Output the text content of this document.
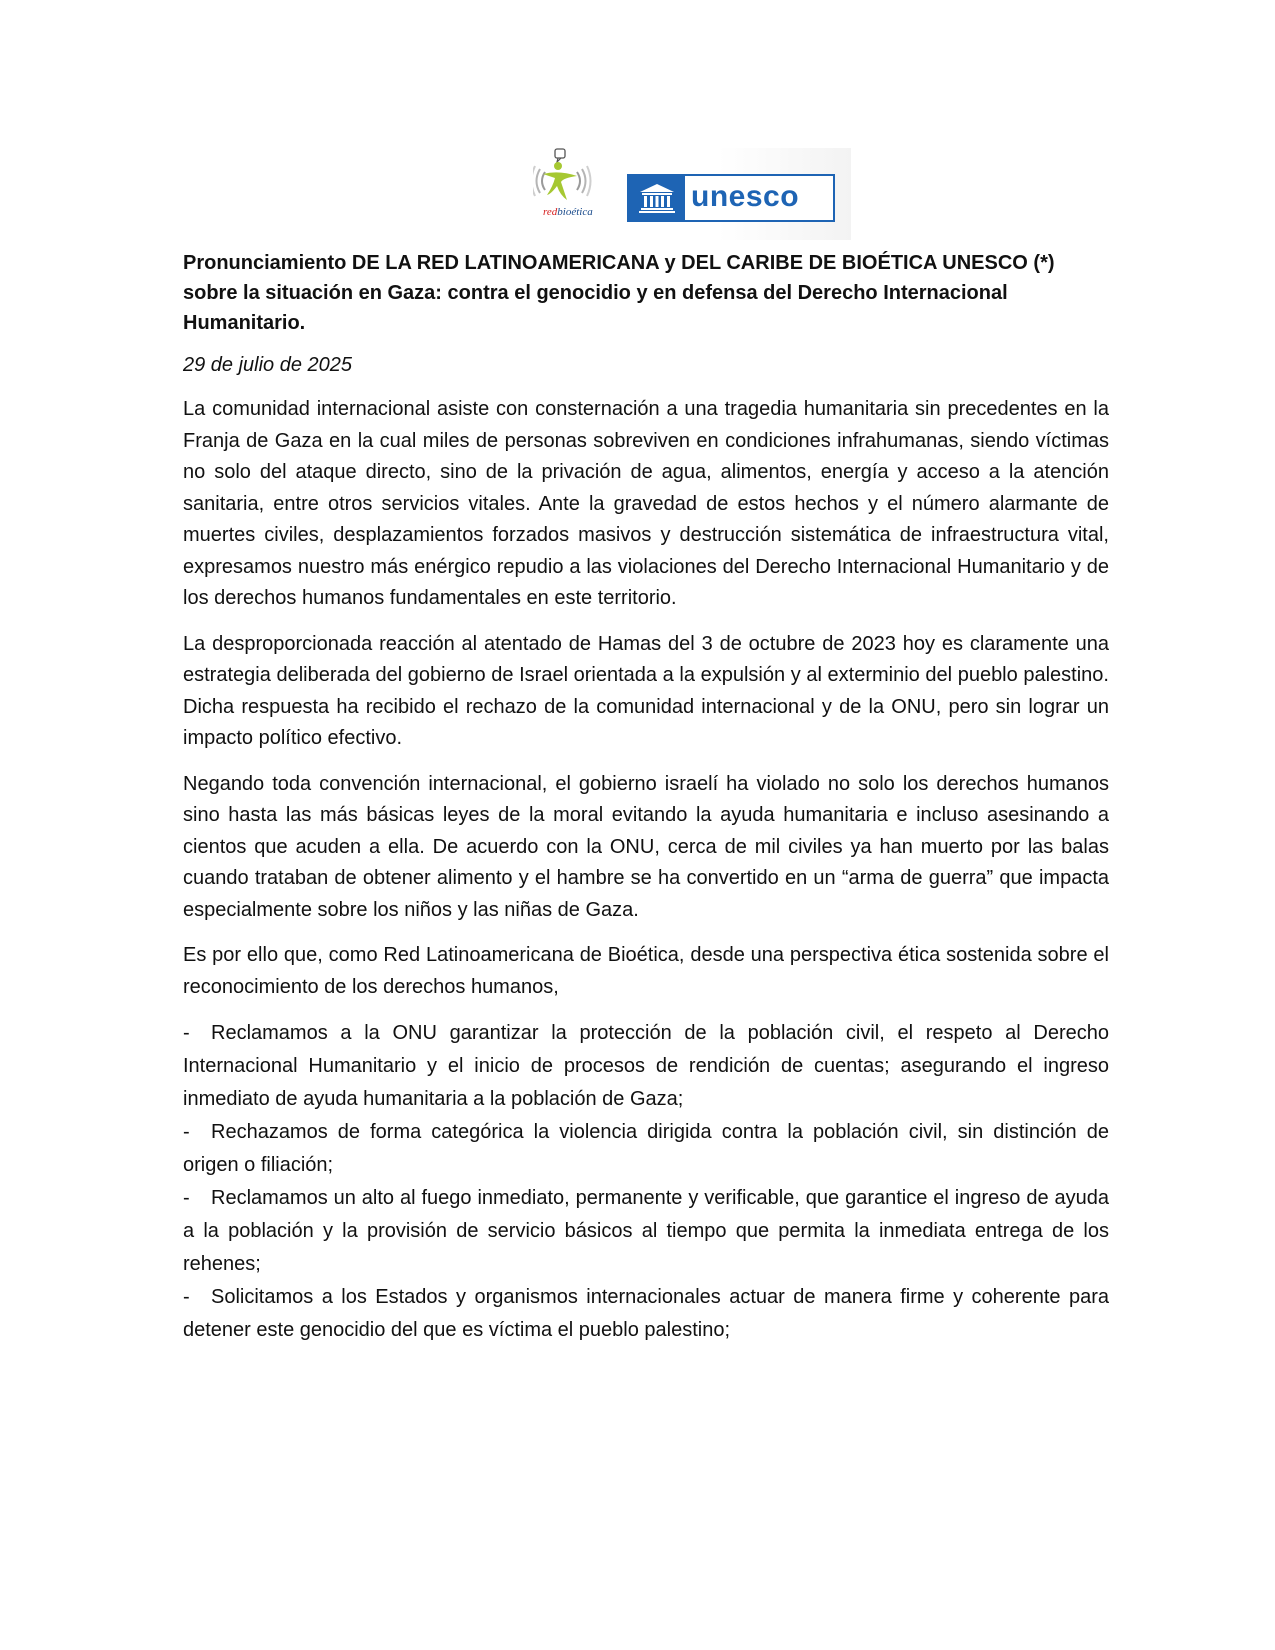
redbioética	unesco
Pronunciamiento DE LA RED LATINOAMERICANA y DEL CARIBE DE BIOÉTICA UNESCO (*) sobre la situación en Gaza: contra el genocidio y en defensa del Derecho Internacional Humanitario.
29 de julio de 2025

La comunidad internacional asiste con consternación a una tragedia humanitaria sin precedentes en la Franja de Gaza en la cual miles de personas sobreviven en condiciones infrahumanas, siendo víctimas no solo del ataque directo, sino de la privación de agua, alimentos, energía y acceso a la atención sanitaria, entre otros servicios vitales. Ante la gravedad de estos hechos y el número alarmante de muertes civiles, desplazamientos forzados masivos y destrucción sistemática de infraestructura vital, expresamos nuestro más enérgico repudio a las violaciones del Derecho Internacional Humanitario y de los derechos humanos fundamentales en este territorio.

La desproporcionada reacción al atentado de Hamas del 3 de octubre de 2023 hoy es claramente una estrategia deliberada del gobierno de Israel orientada a la expulsión y al exterminio del pueblo palestino. Dicha respuesta ha recibido el rechazo de la comunidad internacional y de la ONU, pero sin lograr un impacto político efectivo.

Negando toda convención internacional, el gobierno israelí ha violado no solo los derechos humanos sino hasta las más básicas leyes de la moral evitando la ayuda humanitaria e incluso asesinando a cientos que acuden a ella. De acuerdo con la ONU, cerca de mil civiles ya han muerto por las balas cuando trataban de obtener alimento y el hambre se ha convertido en un “arma de guerra” que impacta especialmente sobre los niños y las niñas de Gaza.

Es por ello que, como Red Latinoamericana de Bioética, desde una perspectiva ética sostenida sobre el reconocimiento de los derechos humanos,

- Reclamamos a la ONU garantizar la protección de la población civil, el respeto al Derecho Internacional Humanitario y el inicio de procesos de rendición de cuentas; asegurando el ingreso inmediato de ayuda humanitaria a la población de Gaza;
- Rechazamos de forma categórica la violencia dirigida contra la población civil, sin distinción de origen o filiación;
- Reclamamos un alto al fuego inmediato, permanente y verificable, que garantice el ingreso de ayuda a la población y la provisión de servicio básicos al tiempo que permita la inmediata entrega de los rehenes;
- Solicitamos a los Estados y organismos internacionales actuar de manera firme y coherente para detener este genocidio del que es víctima el pueblo palestino;
